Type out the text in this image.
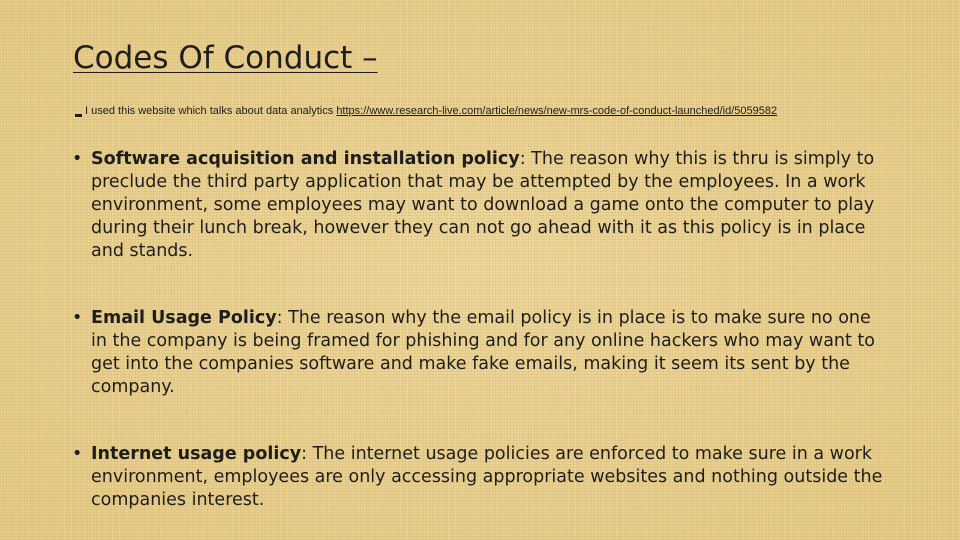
Codes Of Conduct –
I used this website which talks about data analytics https://www.research-live.com/article/news/new-mrs-code-of-conduct-launched/id/5059582
• Software acquisition and installation policy: The reason why this is thru is simply to preclude the third party application that may be attempted by the employees. In a work environment, some employees may want to download a game onto the computer to play during their lunch break, however they can not go ahead with it as this policy is in place and stands.
• Email Usage Policy: The reason why the email policy is in place is to make sure no one in the company is being framed for phishing and for any online hackers who may want to get into the companies software and make fake emails, making it seem its sent by the company.
• Internet usage policy: The internet usage policies are enforced to make sure in a work environment, employees are only accessing appropriate websites and nothing outside the companies interest.
